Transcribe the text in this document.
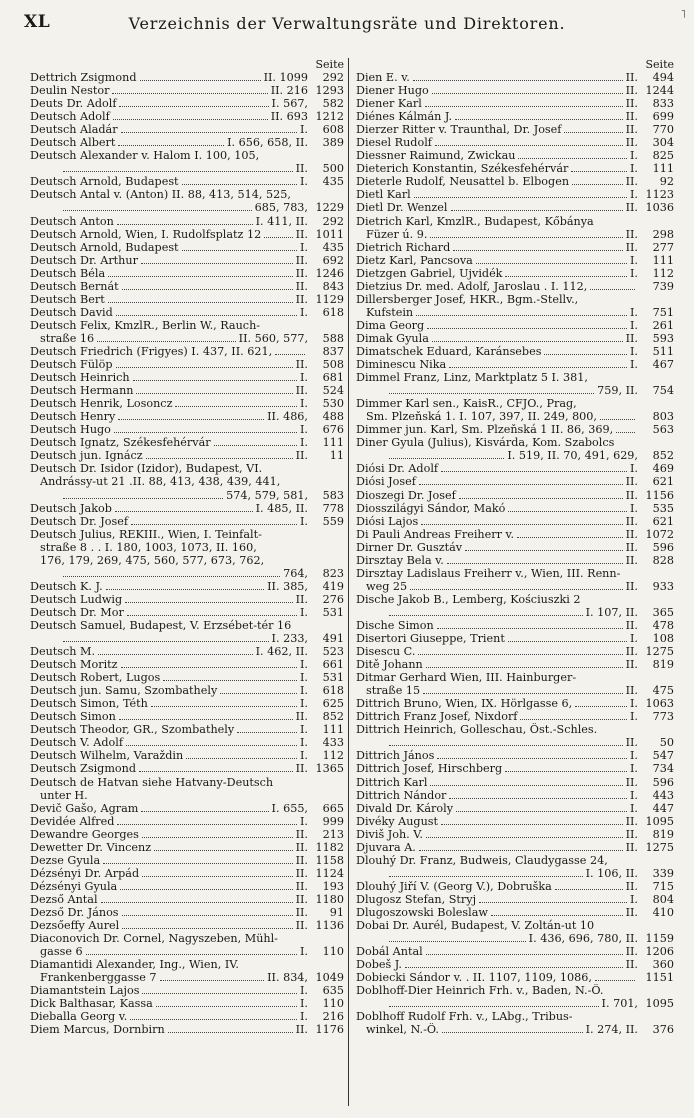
XL	Verzeichnis der Verwaltungsräte und Direktoren.	˥
Seite
Dettrich Zsigmond	II. 1099	292
Deulin Nestor	II. 216 1293
Deuts Dr. Adolf	I. 567,	582
Deutsch Adolf	II. 693 1212
Deutsch Aladár	I.	608
Deutsch Albert	I. 656, 658, II.	389
Deutsch Alexander v. Halom I. 100, 105,
II.	500
Deutsch Arnold, Budapest	I.	435
Deutsch Antal v. (Anton) II. 88, 413, 514, 525,
685, 783, 1229
Deutsch Anton	I. 411, II.	292
Deutsch Arnold, Wien, I. Rudolfsplatz 12	II. 1011
Deutsch Arnold, Budapest	I.	435
Deutsch Dr. Arthur	II.	692
Deutsch Béla	II. 1246
Deutsch Bernát	II.	843
Deutsch Bert	II. 1129
Deutsch David	I.	618
Deutsch Felix, KmzlR., Berlin W., Rauch-
straße 16	II. 560, 577,	588
Deutsch Friedrich (Frigyes) I. 437, II. 621,	837
Deutsch Fülöp	II.	508
Deutsch Heinrich	I.	681
Deutsch Hermann	II.	524
Deutsch Henrik, Losoncz	I.	530
Deutsch Henry	II. 486,	488
Deutsch Hugo	I.	676
Deutsch Ignatz, Székesfehérvár	I.	111
Deutsch jun. Ignácz	II.	11
Deutsch Dr. Isidor (Izidor), Budapest, VI.
Andrássy-ut 21 .II. 88, 413, 438, 439, 441,
574, 579, 581,	583
Deutsch Jakob	I. 485, II.	778
Deutsch Dr. Josef	I.	559
Deutsch Julius, REKIII., Wien, I. Teinfalt-
straße 8 . . I. 180, 1003, 1073, II. 160,
176, 179, 269, 475, 560, 577, 673, 762,
764,	823
Deutsch K. J.	II. 385,	419
Deutsch Ludwig	II.	276
Deutsch Dr. Mor	I.	531
Deutsch Samuel, Budapest, V. Erzsébet-tér 16
I. 233,	491
Deutsch M.	I. 462, II.	523
Deutsch Moritz	I.	661
Deutsch Robert, Lugos	I.	531
Deutsch jun. Samu, Szombathely	I.	618
Deutsch Simon, Téth	I.	625
Deutsch Simon	II.	852
Deutsch Theodor, GR., Szombathely	I.	111
Deutsch V. Adolf	I.	433
Deutsch Wilhelm, Varaždin	I.	112
Deutsch Zsigmond	II. 1365
Deutsch de Hatvan siehe Hatvany-Deutsch
unter H.
Devič Gašo, Agram	I. 655,	665
Devidée Alfred	I.	999
Dewandre Georges	II.	213
Dewetter Dr. Vincenz	II. 1182
Dezse Gyula	II. 1158
Dézsényi Dr. Arpád	II. 1124
Dézsényi Gyula	II.	193
Dezső Antal	II. 1180
Dezső Dr. János	II.	91
Dezsőeffy Aurel	II. 1136
Diaconovich Dr. Cornel, Nagyszeben, Mühl-
gasse 6	I.	110
Diamantidi Alexander, Ing., Wien, IV.
Frankenberggasse 7	II. 834, 1049
Diamantstein Lajos	I.	635
Dick Balthasar, Kassa	I.	110
Dieballa Georg v.	I.	216
Diem Marcus, Dornbirn	II. 1176
Seite
Dien E. v.	II.	494
Diener Hugo	II. 1244
Diener Karl	II.	833
Diénes Kálmán J.	II.	699
Dierzer Ritter v. Traunthal, Dr. Josef	II.	770
Diesel Rudolf	II.	304
Diessner Raimund, Zwickau	I.	825
Dieterich Konstantin, Székesfehérvár	I.	111
Dieterle Rudolf, Neusattel b. Elbogen	II.	92
Dietl Karl	I. 1123
Dietl Dr. Wenzel	II. 1036
Dietrich Karl, KmzlR., Budapest, Kőbánya
Füzer ú. 9.	II.	298
Dietrich Richard	II.	277
Dietz Karl, Pancsova	I.	111
Dietzgen Gabriel, Ujvidék	I.	112
Dietzius Dr. med. Adolf, Jaroslau . I. 112,	739
Dillersberger Josef, HKR., Bgm.-Stellv.,
Kufstein	I.	751
Dima Georg	I.	261
Dimak Gyula	II.	593
Dimatschek Eduard, Karánsebes	I.	511
Diminescu Nika	I.	467
Dimmel Franz, Linz, Marktplatz 5 I. 381,
759, II.	754
Dimmer Karl sen., KaisR., CFJO., Prag,
Sm. Plzeňská 1. I. 107, 397, II. 249, 800,	803
Dimmer jun. Karl, Sm. Plzeňská 1 II. 86, 369,	563
Diner Gyula (Julius), Kisvárda, Kom. Szabolcs
I. 519, II. 70, 491, 629,	852
Diósi Dr. Adolf	I.	469
Diósi Josef	II.	621
Dioszegi Dr. Josef	II. 1156
Diosszilágyi Sándor, Makó	I.	535
Diósi Lajos	II.	621
Di Pauli Andreas Freiherr v.	II. 1072
Dirner Dr. Gusztáv	II.	596
Dirsztay Bela v.	II.	828
Dirsztay Ladislaus Freiherr v., Wien, III. Renn-
weg 25	II.	933
Dische Jakob B., Lemberg, Kościuszki 2
I. 107, II.	365
Dische Simon	II.	478
Disertori Giuseppe, Trient	I.	108
Disescu C.	II. 1275
Ditě Johann	II.	819
Ditmar Gerhard Wien, III. Hainburger-
straße 15	II.	475
Dittrich Bruno, Wien, IX. Hörlgasse 6,	I. 1063
Dittrich Franz Josef, Nixdorf	I.	773
Dittrich Heinrich, Golleschau, Öst.-Schles.
II.	50
Dittrich János	I.	547
Dittrich Josef, Hirschberg	I.	734
Dittrich Karl	II.	596
Dittrich Nándor	I.	443
Divald Dr. Károly	I.	447
Divéky August	II. 1095
Diviš Joh. V.	II.	819
Djuvara A.	II. 1275
Dlouhý Dr. Franz, Budweis, Claudygasse 24,
I. 106, II.	339
Dlouhý Jiří V. (Georg V.), Dobruška	II.	715
Dlugosz Stefan, Stryj	I.	804
Dlugoszowski Boleslaw	II.	410
Dobai Dr. Aurél, Budapest, V. Zoltán-ut 10
I. 436, 696, 780, II. 1159
Dobál Antal	II. 1206
Dobeš J.	II.	360
Dobiecki Sándor v. . II. 1107, 1109, 1086,	1151
Doblhoff-Dier Heinrich Frh. v., Baden, N.-Ö.
I. 701, 1095
Doblhoff Rudolf Frh. v., LAbg., Tribus-
winkel, N.-Ö.	I. 274, II.	376
